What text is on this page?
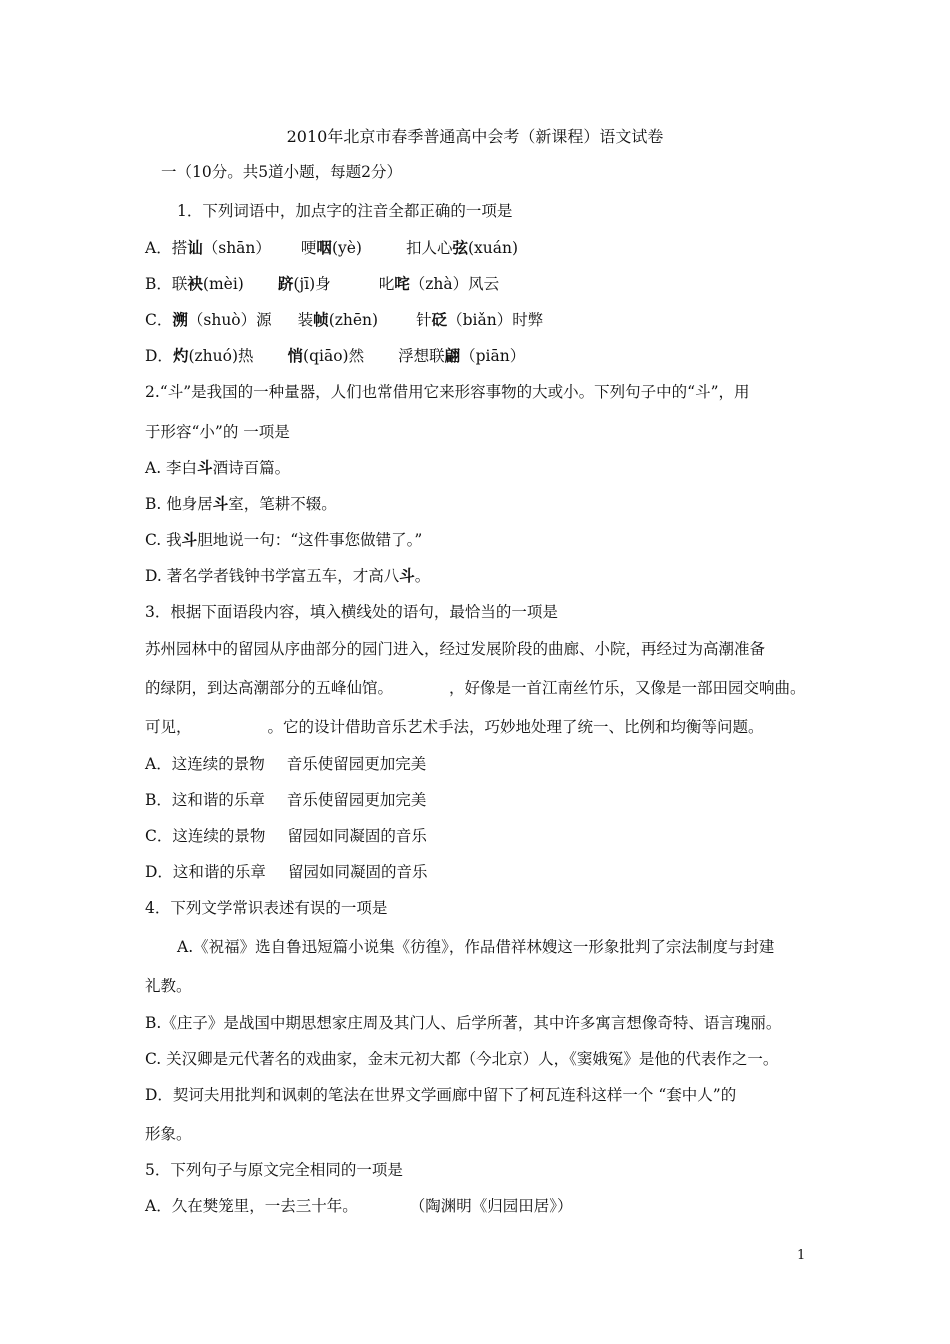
2010年北京市春季普通高中会考（新课程）语文试卷
一（10分。共5道小题，每题2分）
1．下列词语中，加点字的注音全都正确的一项是
A．搭讪（shān） 哽咽(yè)	扣人心弦(xuán)
B．联袂(mèi) 跻(jī)身	叱咤（zhà）风云
C．溯（shuò）源 装帧(zhēn) 针砭（biǎn）时弊
D．灼(zhuó)热 悄(qiāo)然 浮想联翩（piān）
2.“斗”是我国的一种量器，人们也常借用它来形容事物的大或小。下列句子中的“斗”，用
于形容“小”的 一项是
A. 李白斗酒诗百篇。
B. 他身居斗室，笔耕不辍。
C. 我斗胆地说一句：“这件事您做错了。”
D. 著名学者钱钟书学富五车，才高八斗。
3．根据下面语段内容，填入横线处的语句，最恰当的一项是
苏州园林中的留园从序曲部分的园门进入，经过发展阶段的曲廊、小院，再经过为高潮准备
的绿阴，到达高潮部分的五峰仙馆。	，好像是一首江南丝竹乐，又像是一部田园交响曲。
可见，	。它的设计借助音乐艺术手法，巧妙地处理了统一、比例和均衡等问题。
A．这连续的景物 音乐使留园更加完美
B．这和谐的乐章 音乐使留园更加完美
C．这连续的景物 留园如同凝固的音乐
D．这和谐的乐章 留园如同凝固的音乐
4．下列文学常识表述有误的一项是
A.《祝福》选自鲁迅短篇小说集《彷徨》，作品借祥林嫂这一形象批判了宗法制度与封建
礼教。
B.《庄子》是战国中期思想家庄周及其门人、后学所著，其中许多寓言想像奇特、语言瑰丽。
C. 关汉卿是元代著名的戏曲家，金末元初大都（今北京）人，《窦娥冤》是他的代表作之一。
D．契诃夫用批判和讽刺的笔法在世界文学画廊中留下了柯瓦连科这样一个 “套中人”的
形象。
5．下列句子与原文完全相同的一项是
A．久在樊笼里，一去三十年。	（陶渊明《归园田居》）
1
